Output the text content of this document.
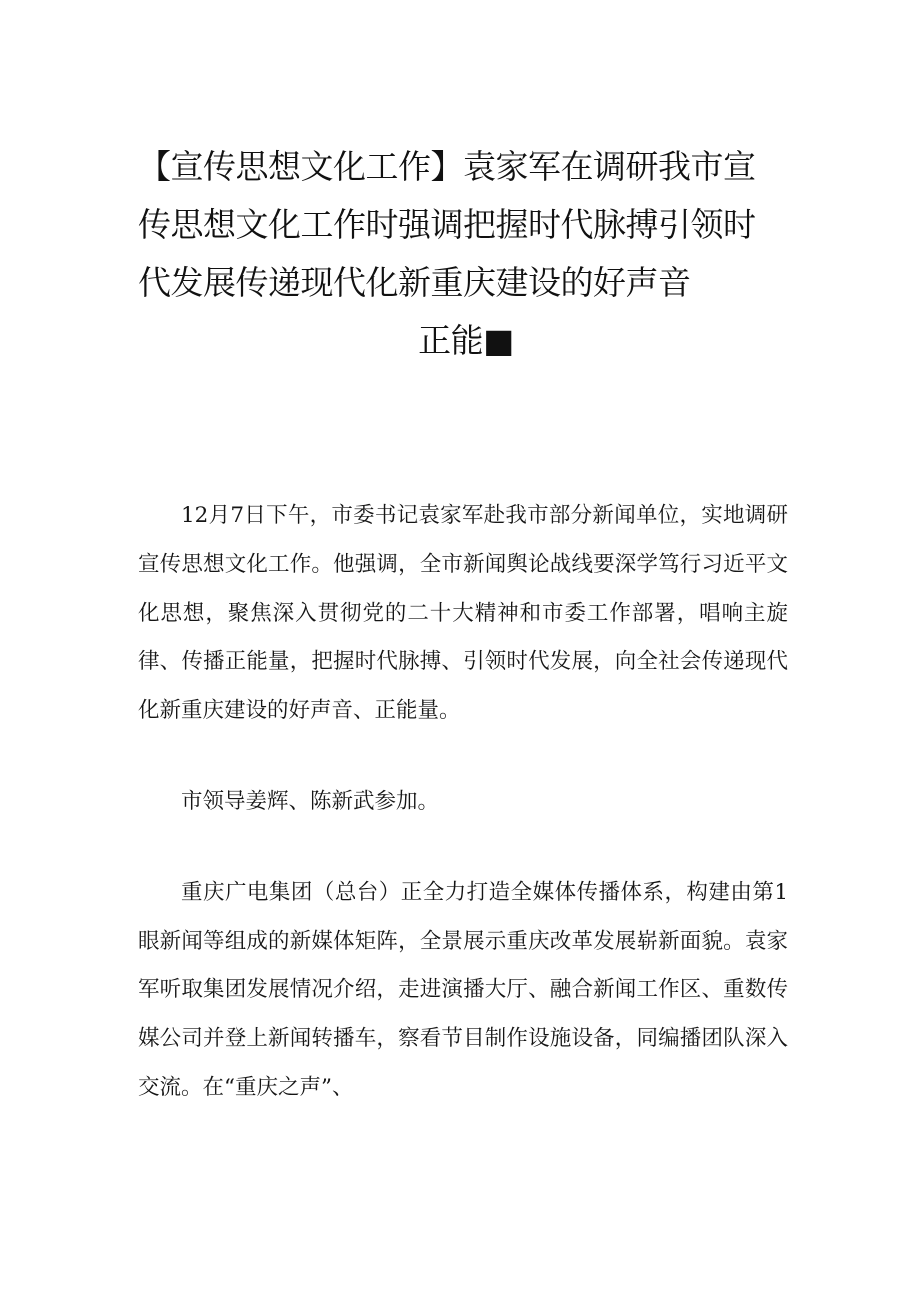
【宣传思想文化工作】袁家军在调研我市宣
传思想文化工作时强调把握时代脉搏引领时
代发展传递现代化新重庆建设的好声音
正能■

12月7日下午，市委书记袁家军赴我市部分新闻单位，实地调研宣传思想文化工作。他强调，全市新闻舆论战线要深学笃行习近平文化思想，聚焦深入贯彻党的二十大精神和市委工作部署，唱响主旋律、传播正能量，把握时代脉搏、引领时代发展，向全社会传递现代化新重庆建设的好声音、正能量。

市领导姜辉、陈新武参加。

重庆广电集团（总台）正全力打造全媒体传播体系，构建由第1眼新闻等组成的新媒体矩阵，全景展示重庆改革发展崭新面貌。袁家军听取集团发展情况介绍，走进演播大厅、融合新闻工作区、重数传媒公司并登上新闻转播车，察看节目制作设施设备，同编播团队深入交流。在“重庆之声”、
